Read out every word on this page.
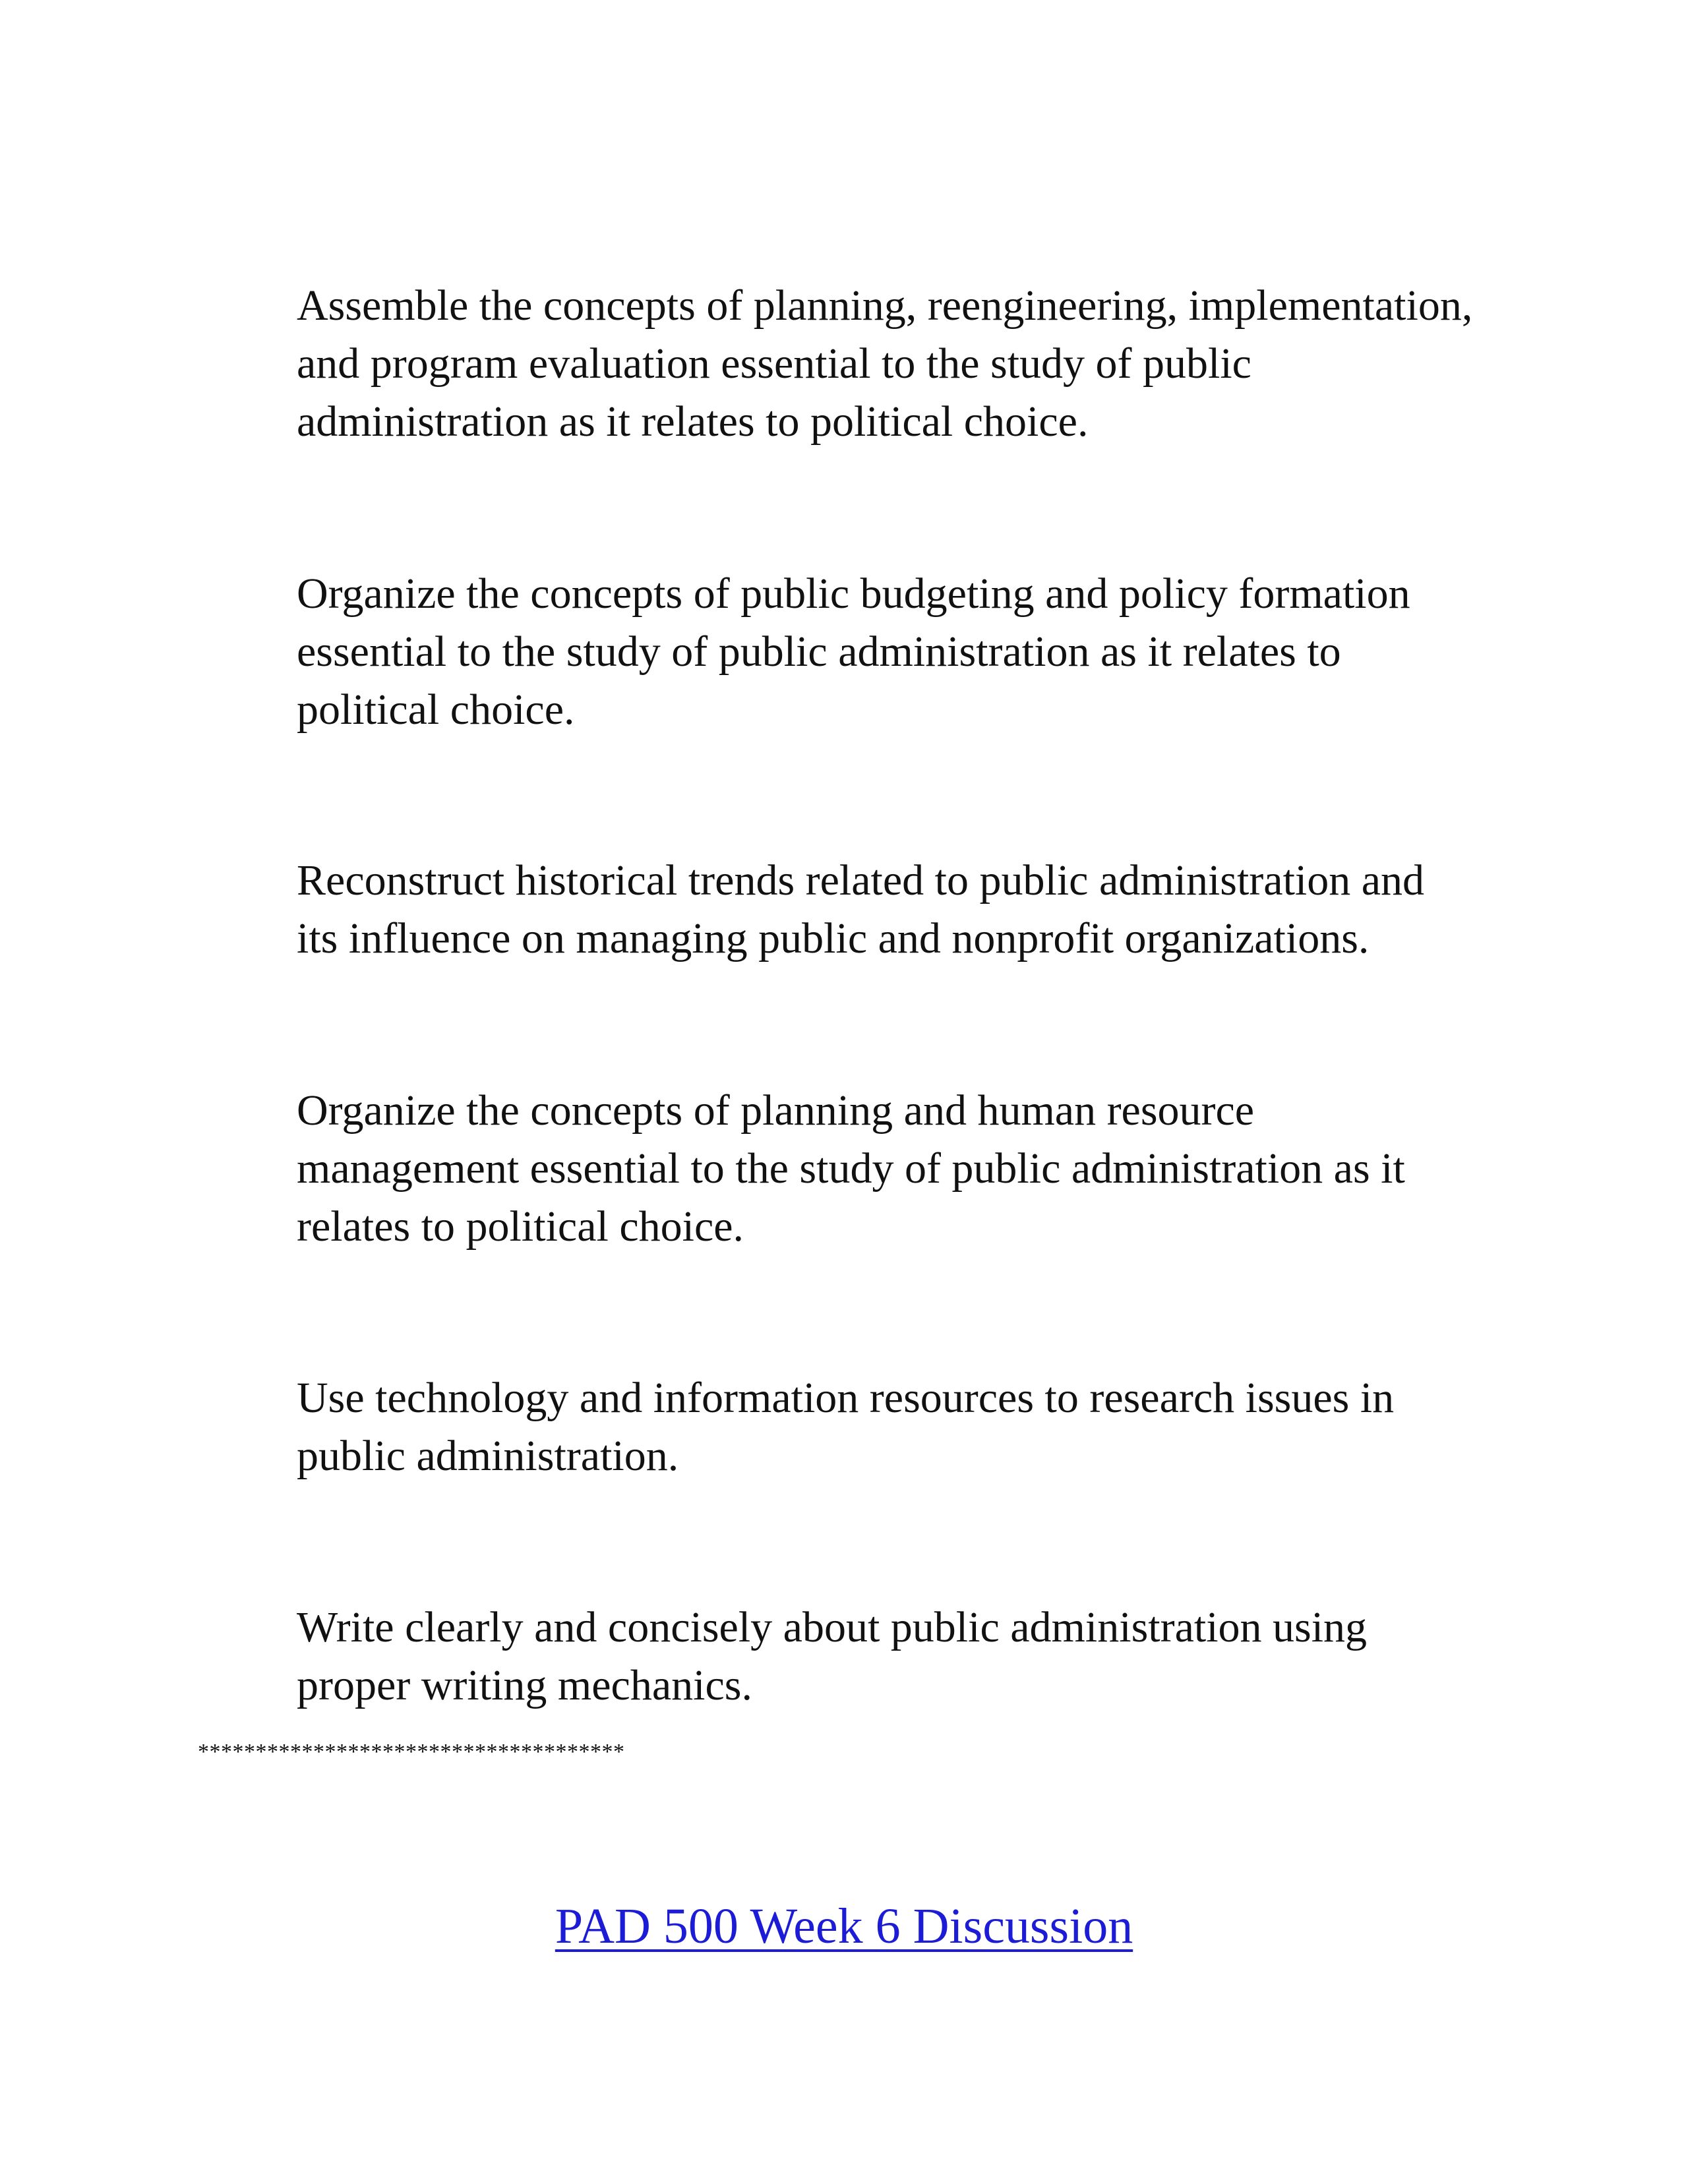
Assemble the concepts of planning, reengineering, implementation,
and program evaluation essential to the study of public
administration as it relates to political choice.

Organize the concepts of public budgeting and policy formation
essential to the study of public administration as it relates to
political choice.

Reconstruct historical trends related to public administration and
its influence on managing public and nonprofit organizations.

Organize the concepts of planning and human resource
management essential to the study of public administration as it
relates to political choice.

Use technology and information resources to research issues in
public administration.

Write clearly and concisely about public administration using
proper writing mechanics.

*************************************

PAD 500 Week 6 Discussion
